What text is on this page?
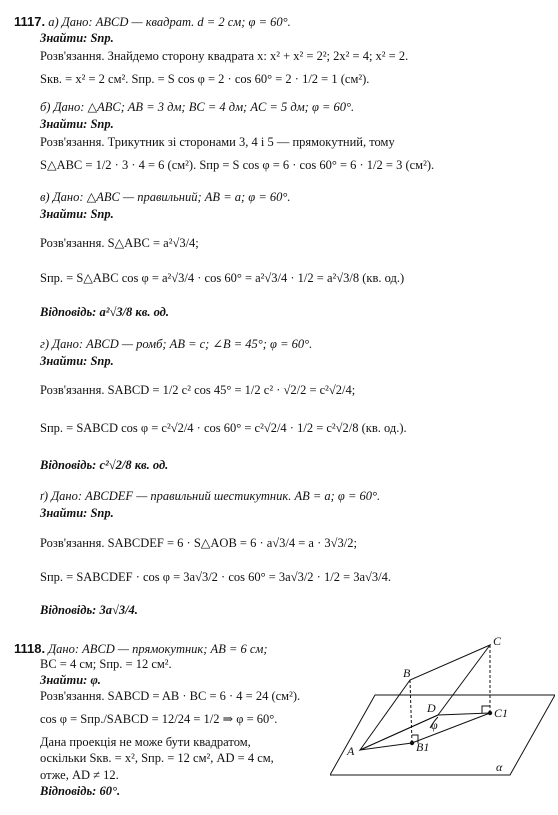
1117. а) Дано: ABCD — квадрат. d = 2 см; φ = 60°.
Знайти: Sпр.
Розв'язання. Знайдемо сторону квадрата x: x² + x² = 2²; 2x² = 4; x² = 2.
Sкв. = x² = 2 см². Sпр. = S cos φ = 2 · cos 60° = 2 · 1/2 = 1 (см²).
б) Дано: △ABC; AB = 3 дм; BC = 4 дм; AC = 5 дм; φ = 60°.
Знайти: Sпр.
Розв'язання. Трикутник зі сторонами 3, 4 і 5 — прямокутний, тому
S△ABC = 1/2 · 3 · 4 = 6 (см²). Sпр = S cos φ = 6 · cos 60° = 6 · 1/2 = 3 (см²).
в) Дано: △ABC — правильний; AB = a; φ = 60°.
Знайти: Sпр.
Розв'язання. S△ABC = a²√3/4;
Sпр. = S△ABC cos φ = a²√3/4 · cos 60° = a²√3/4 · 1/2 = a²√3/8 (кв. од.)
Відповідь: a²√3/8 кв. од.
г) Дано: ABCD — ромб; AB = c; ∠B = 45°; φ = 60°.
Знайти: Sпр.
Розв'язання. SABCD = 1/2 c² cos 45° = 1/2 c² · √2/2 = c²√2/4;
Sпр. = SABCD cos φ = c²√2/4 · cos 60° = c²√2/4 · 1/2 = c²√2/8 (кв. од.).
Відповідь: c²√2/8 кв. од.
ґ) Дано: ABCDEF — правильний шестикутник. AB = a; φ = 60°.
Знайти: Sпр.
Розв'язання. SABCDEF = 6 · S△AOB = 6 · a√3/4 = a · 3√3/2;
Sпр. = SABCDEF · cos φ = 3a√3/2 · cos 60° = 3a√3/2 · 1/2 = 3a√3/4.
Відповідь: 3a√3/4.
1118. Дано: ABCD — прямокутник; AB = 6 см;
BC = 4 см; Sпр. = 12 см².
Знайти: φ.
Розв'язання. SABCD = AB · BC = 6 · 4 = 24 (см²).
cos φ = Sпр./SABCD = 12/24 = 1/2 ⇒ φ = 60°.
Дана проекція не може бути квадратом,
оскільки Sкв. = x², Sпр. = 12 см², AD = 4 см,
отже, AD ≠ 12.
Відповідь: 60°.
A
B
C
D
B1
C1
φ
α
